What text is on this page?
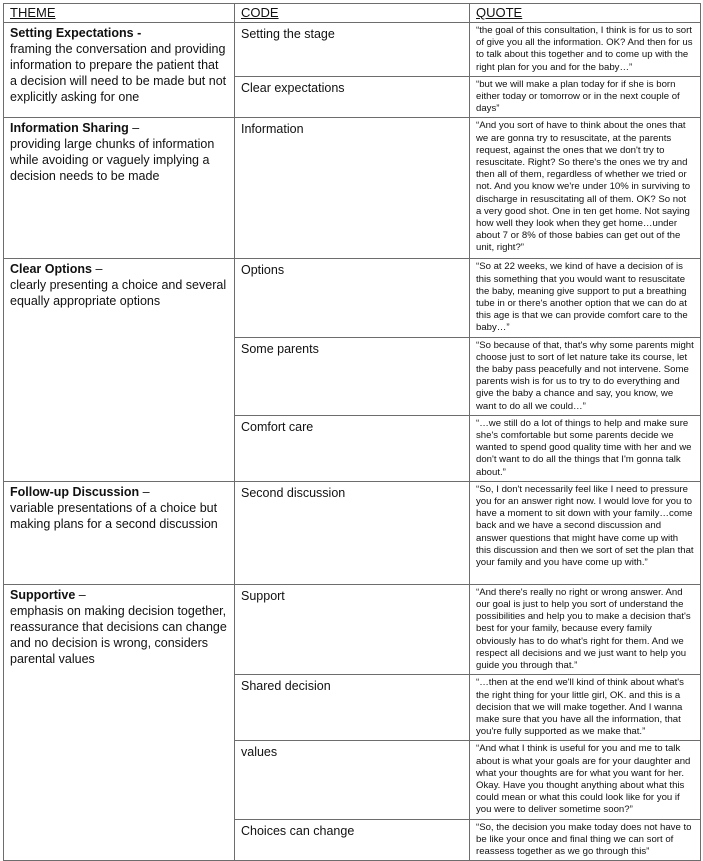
THEME	CODE	QUOTE
Setting Expectations -
framing the conversation and providing information to prepare the patient that a decision will need to be made but not explicitly asking for one	Setting the stage	“the goal of this consultation, I think is for us to sort of give you all the information. OK? And then for us to talk about this together and to come up with the right plan for you and for the baby…”
	Clear expectations	“but we will make a plan today for if she is born either today or tomorrow or in the next couple of days”
Information Sharing –
providing large chunks of information while avoiding or vaguely implying a decision needs to be made	Information	“And you sort of have to think about the ones that we are gonna try to resuscitate, at the parents request, against the ones that we don't try to resuscitate. Right? So there's the ones we try and then all of them, regardless of whether we tried or not. And you know we're under 10% in surviving to discharge in resuscitating all of them. OK? So not a very good shot. One in ten get home. Not saying how well they look when they get home…under about 7 or 8% of those babies can get out of the unit, right?”
Clear Options –
clearly presenting a choice and several equally appropriate options	Options	“So at 22 weeks, we kind of have a decision of is this something that you would want to resuscitate the baby, meaning give support to put a breathing tube in or there's another option that we can do at this age is that we can provide comfort care to the baby…”
	Some parents	“So because of that, that's why some parents might choose just to sort of let nature take its course, let the baby pass peacefully and not intervene. Some parents wish is for us to try to do everything and give the baby a chance and say, you know, we want to do all we could…”
	Comfort care	“…we still do a lot of things to help and make sure she's comfortable but some parents decide we wanted to spend good quality time with her and we don't want to do all the things that I'm gonna talk about.”
Follow-up Discussion –
variable presentations of a choice but making plans for a second discussion	Second discussion	“So, I don't necessarily feel like I need to pressure you for an answer right now. I would love for you to have a moment to sit down with your family…come back and we have a second discussion and answer questions that might have come up with this discussion and then we sort of set the plan that your family and you have come up with.”
Supportive –
emphasis on making decision together, reassurance that decisions can change and no decision is wrong, considers parental values	Support	“And there's really no right or wrong answer. And our goal is just to help you sort of understand the possibilities and help you to make a decision that's best for your family, because every family obviously has to do what's right for them. And we respect all decisions and we just want to help you guide you through that.”
	Shared decision	“…then at the end we'll kind of think about what's the right thing for your little girl, OK. and this is a decision that we will make together. And I wanna make sure that you have all the information, that you're fully supported as we make that.”
	values	“And what I think is useful for you and me to talk about is what your goals are for your daughter and what your thoughts are for what you want for her. Okay. Have you thought anything about what this could mean or what this could look like for you if you were to deliver sometime soon?”
	Choices can change	“So, the decision you make today does not have to be like your once and final thing we can sort of reassess together as we go through this”
